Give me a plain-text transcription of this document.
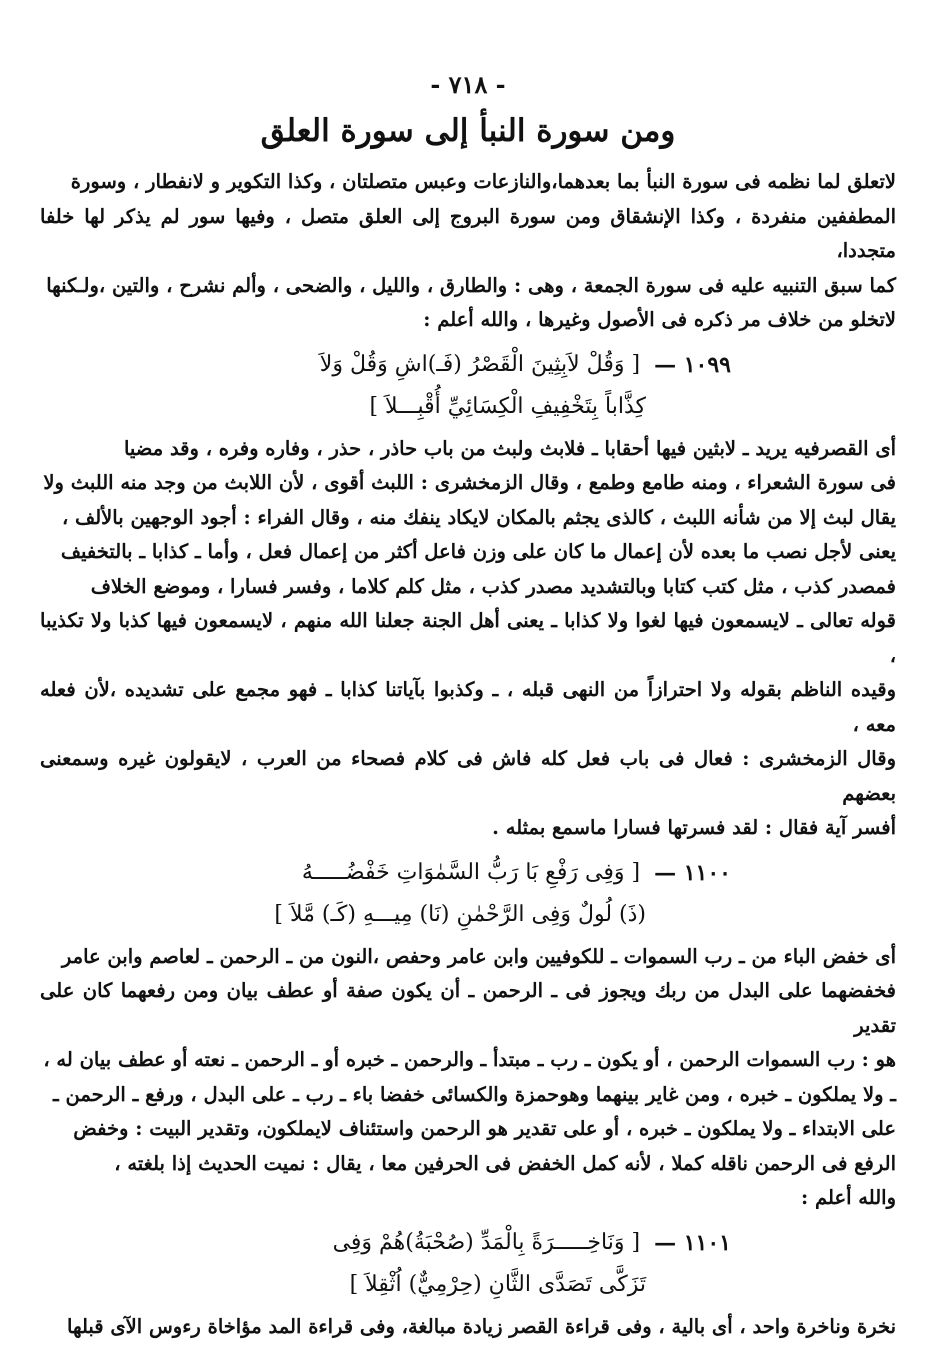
- ٧١٨ -
ومن سورة النبأ إلى سورة العلق
لاتعلق لما نظمه فى سورة النبأ بما بعدهما،والنازعات وعبس متصلتان ، وكذا التكوير و لانفطار ، وسورة
المطففين منفردة ، وكذا الإنشقاق ومن سورة البروج إلى العلق متصل ، وفيها سور لم يذكر لها خلفا متجددا،
كما سبق التنبيه عليه فى سورة الجمعة ، وهى : والطارق ، والليل ، والضحى ، وألم نشرح ، والتين ،ولـكنها
لاتخلو من خلاف مر ذكره فى الأصول وغيرها ، والله أعلم :
١٠٩٩ —
[ وَقُلْ لاَبِثِينَ الْقَصْرُ (فَـ)اشِ وَقُلْ وَلاَ
كِذَّاباً بِتَخْفِيفِ الْكِسَائِيِّ أُقْبِـــلاَ ]
أى القصرفيه يريد ـ لابثين فيها أحقابا ـ فلابث ولبث من باب حاذر ، حذر ، وفاره وفره ، وقد مضيا
فى سورة الشعراء ، ومنه طامع وطمع ، وقال الزمخشرى : اللبث أقوى ، لأن اللابث من وجد منه اللبث ولا
يقال لبث إلا من شأنه اللبث ، كالذى يجثم بالمكان لايكاد ينفك منه ، وقال الفراء : أجود الوجهين بالألف ،
يعنى لأجل نصب ما بعده لأن إعمال ما كان على وزن فاعل أكثر من إعمال فعل ، وأما ـ كذابا ـ بالتخفيف
فمصدر كذب ، مثل كتب كتابا وبالتشديد مصدر كذب ، مثل كلم كلاما ، وفسر فسارا ، وموضع الخلاف
قوله تعالى ـ لايسمعون فيها لغوا ولا كذابا ـ يعنى أهل الجنة جعلنا الله منهم ، لايسمعون فيها كذبا ولا تكذيبا ،
وقيده الناظم بقوله ولا احترازاً من النهى قبله ، ـ وكذبوا بآياتنا كذابا ـ فهو مجمع على تشديده ،لأن فعله معه ،
وقال الزمخشرى : فعال فى باب فعل كله فاش فى كلام فصحاء من العرب ، لايقولون غيره وسمعنى بعضهم
أفسر آية فقال : لقد فسرتها فسارا ماسمع بمثله .
١١٠٠ —
[ وَفِى رَفْعِ بَا رَبُّ السَّمٰوَاتِ خَفْضُـــــهُ
(ذَ) لُولٌ وَفِى الرَّحْمٰنِ (نَا) مِيـــهِ (كَـ) مَّلاَ ]
أى خفض الباء من ـ رب السموات ـ للكوفيين وابن عامر وحفص ،النون من ـ الرحمن ـ لعاصم وابن عامر
فخفضهما على البدل من ربك ويجوز فى ـ الرحمن ـ أن يكون صفة أو عطف بيان ومن رفعهما كان على تقدير
هو : رب السموات الرحمن ، أو يكون ـ رب ـ مبتدأ ـ والرحمن ـ خبره أو ـ الرحمن ـ نعته أو عطف بيان له ،
ـ ولا يملكون ـ خبره ، ومن غاير بينهما وهوحمزة والكسائى خفضا باء ـ رب ـ على البدل ، ورفع ـ الرحمن ـ
على الابتداء ـ ولا يملكون ـ خبره ، أو على تقدير هو الرحمن واستئناف لايملكون، وتقدير البيت : وخفض
الرفع فى الرحمن ناقله كملا ، لأنه كمل الخفض فى الحرفين معا ، يقال : نميت الحديث إذا بلغته ،
والله أعلم :
١١٠١ —
[ وَنَاخِـــــرَةً بِالْمَدِّ (صُحْبَةُ)هُمْ وَفِى
تَزَكَّى تَصَدَّى الثَّانِ (حِرْمِيٌّ) اُثْقِلاَ ]
نخرة وناخرة واحد ، أى بالية ، وفى قراءة القصر زيادة مبالغة، وفى قراءة المد مؤاخاة رءوس الآى قبلها
